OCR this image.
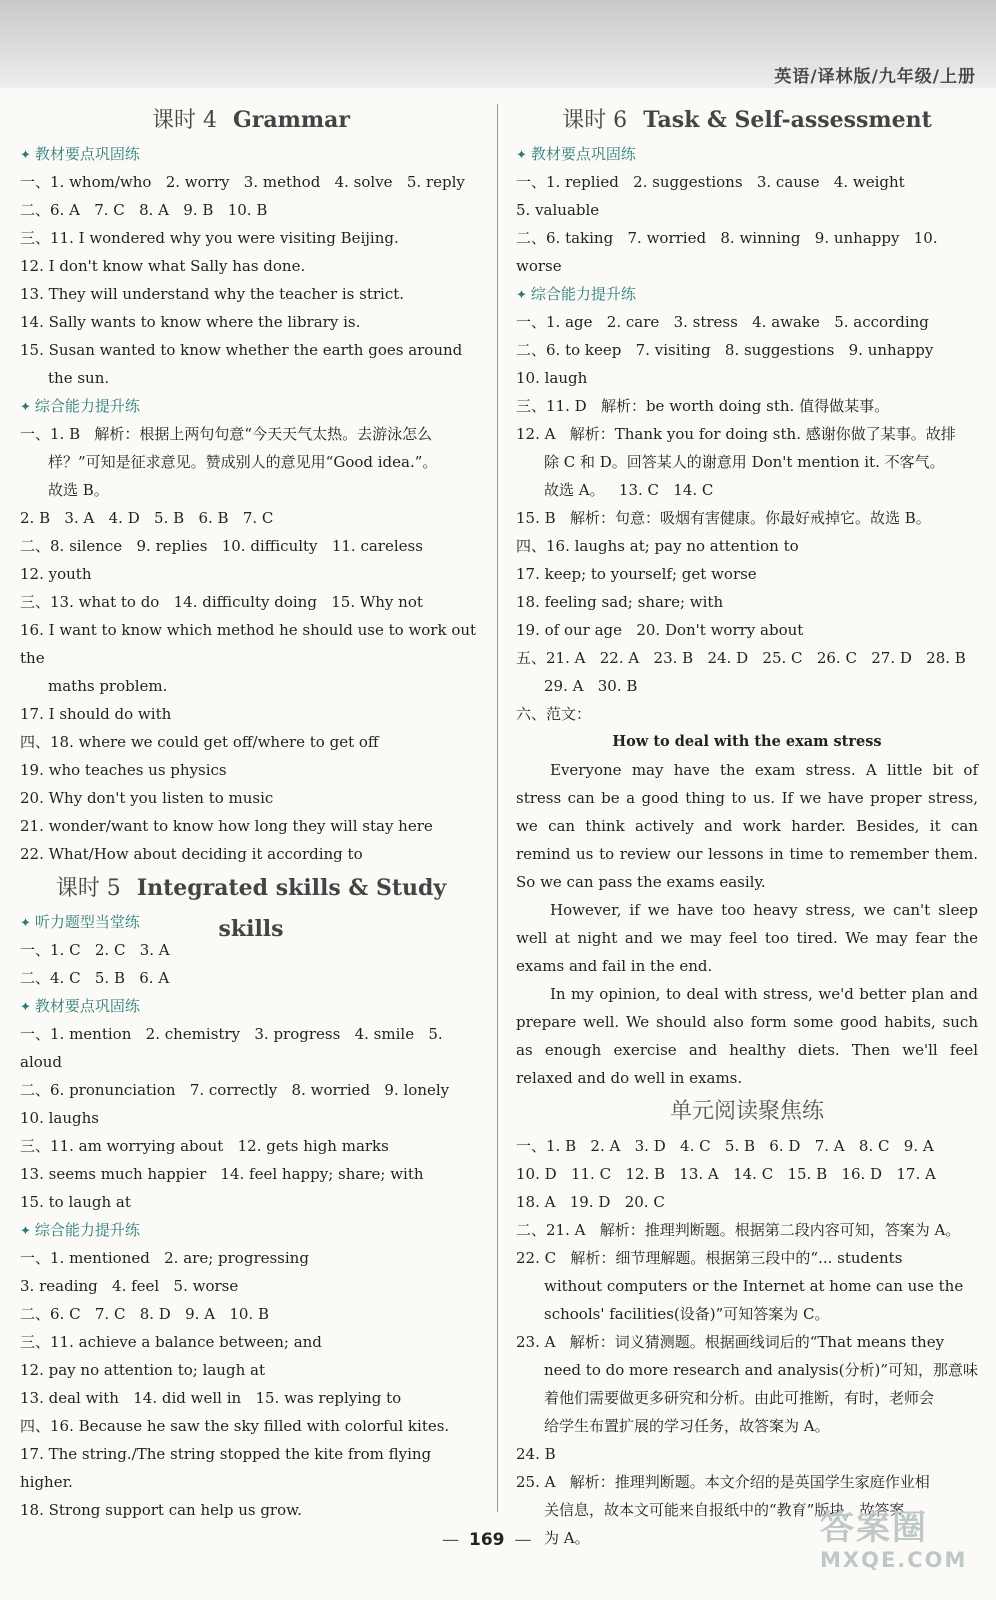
英语/译林版/九年级/上册
课时 4 Grammar
✦ 教材要点巩固练
一、1. whom/who   2. worry   3. method   4. solve   5. reply
二、6. A   7. C   8. A   9. B   10. B
三、11. I wondered why you were visiting Beijing.
12. I don't know what Sally has done.
13. They will understand why the teacher is strict.
14. Sally wants to know where the library is.
15. Susan wanted to know whether the earth goes around
the sun.
✦ 综合能力提升练
一、1. B   解析：根据上两句句意“今天天气太热。去游泳怎么
样？”可知是征求意见。赞成别人的意见用“Good idea.”。
故选 B。
2. B   3. A   4. D   5. B   6. B   7. C
二、8. silence   9. replies   10. difficulty   11. careless
12. youth
三、13. what to do   14. difficulty doing   15. Why not
16. I want to know which method he should use to work out the
maths problem.
17. I should do with
四、18. where we could get off/where to get off
19. who teaches us physics
20. Why don't you listen to music
21. wonder/want to know how long they will stay here
22. What/How about deciding it according to
课时 5 Integrated skills & Study skills
✦ 听力题型当堂练
一、1. C   2. C   3. A
二、4. C   5. B   6. A
✦ 教材要点巩固练
一、1. mention   2. chemistry   3. progress   4. smile   5. aloud
二、6. pronunciation   7. correctly   8. worried   9. lonely
10. laughs
三、11. am worrying about   12. gets high marks
13. seems much happier   14. feel happy; share; with
15. to laugh at
✦ 综合能力提升练
一、1. mentioned   2. are; progressing
3. reading   4. feel   5. worse
二、6. C   7. C   8. D   9. A   10. B
三、11. achieve a balance between; and
12. pay no attention to; laugh at
13. deal with   14. did well in   15. was replying to
四、16. Because he saw the sky filled with colorful kites.
17. The string./The string stopped the kite from flying higher.
18. Strong support can help us grow.
课时 6 Task & Self-assessment
✦ 教材要点巩固练
一、1. replied   2. suggestions   3. cause   4. weight
5. valuable
二、6. taking   7. worried   8. winning   9. unhappy   10. worse
✦ 综合能力提升练
一、1. age   2. care   3. stress   4. awake   5. according
二、6. to keep   7. visiting   8. suggestions   9. unhappy
10. laugh
三、11. D   解析：be worth doing sth. 值得做某事。
12. A   解析：Thank you for doing sth. 感谢你做了某事。故排
除 C 和 D。回答某人的谢意用 Don't mention it. 不客气。
故选 A。   13. C   14. C
15. B   解析：句意：吸烟有害健康。你最好戒掉它。故选 B。
四、16. laughs at; pay no attention to
17. keep; to yourself; get worse
18. feeling sad; share; with
19. of our age   20. Don't worry about
五、21. A   22. A   23. B   24. D   25. C   26. C   27. D   28. B
29. A   30. B
六、范文：
How to deal with the exam stress
Everyone may have the exam stress. A little bit of stress can be a good thing to us. If we have proper stress, we can think actively and work harder. Besides, it can remind us to review our lessons in time to remember them. So we can pass the exams easily.
However, if we have too heavy stress, we can't sleep well at night and we may feel too tired. We may fear the exams and fail in the end.
In my opinion, to deal with stress, we'd better plan and prepare well. We should also form some good habits, such as enough exercise and healthy diets. Then we'll feel relaxed and do well in exams.
单元阅读聚焦练
一、1. B   2. A   3. D   4. C   5. B   6. D   7. A   8. C   9. A
10. D   11. C   12. B   13. A   14. C   15. B   16. D   17. A
18. A   19. D   20. C
二、21. A   解析：推理判断题。根据第二段内容可知，答案为 A。
22. C   解析：细节理解题。根据第三段中的“... students
without computers or the Internet at home can use the
schools' facilities(设备)”可知答案为 C。
23. A   解析：词义猜测题。根据画线词后的“That means they
need to do more research and analysis(分析)”可知，那意味
着他们需要做更多研究和分析。由此可推断，有时，老师会
给学生布置扩展的学习任务，故答案为 A。
24. B
25. A   解析：推理判断题。本文介绍的是英国学生家庭作业相
关信息，故本文可能来自报纸中的“教育”版块，故答案
为 A。
— 169 —	答案圈
MXQE.COM
